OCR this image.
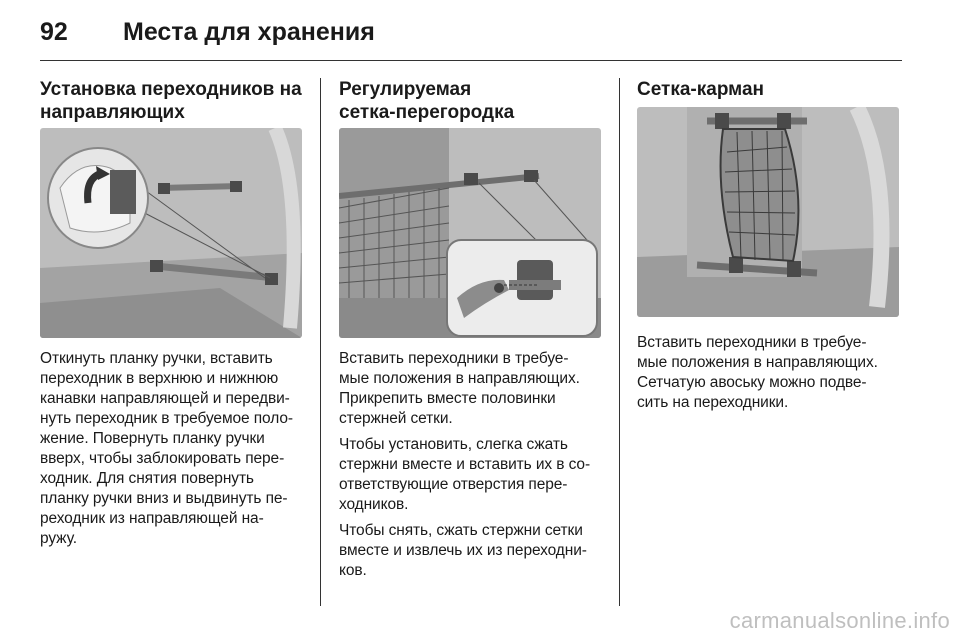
92 Места для хранения
Установка переходников на
направляющих

Откинуть планку ручки, вставить
переходник в верхнюю и нижнюю
канавки направляющей и передви-
нуть переходник в требуемое поло-
жение. Повернуть планку ручки
вверх, чтобы заблокировать пере-
ходник. Для снятия повернуть
планку ручки вниз и выдвинуть пе-
реходник из направляющей на-
ружу.

Регулируемая
сетка-перегородка

Вставить переходники в требуе-
мые положения в направляющих.
Прикрепить вместе половинки
стержней сетки.

Чтобы установить, слегка сжать
стержни вместе и вставить их в со-
ответствующие отверстия пере-
ходников.

Чтобы снять, сжать стержни сетки
вместе и извлечь их из переходни-
ков.

Сетка-карман

Вставить переходники в требуе-
мые положения в направляющих.
Сетчатую авоську можно подве-
сить на переходники.

carmanualsonline.info
